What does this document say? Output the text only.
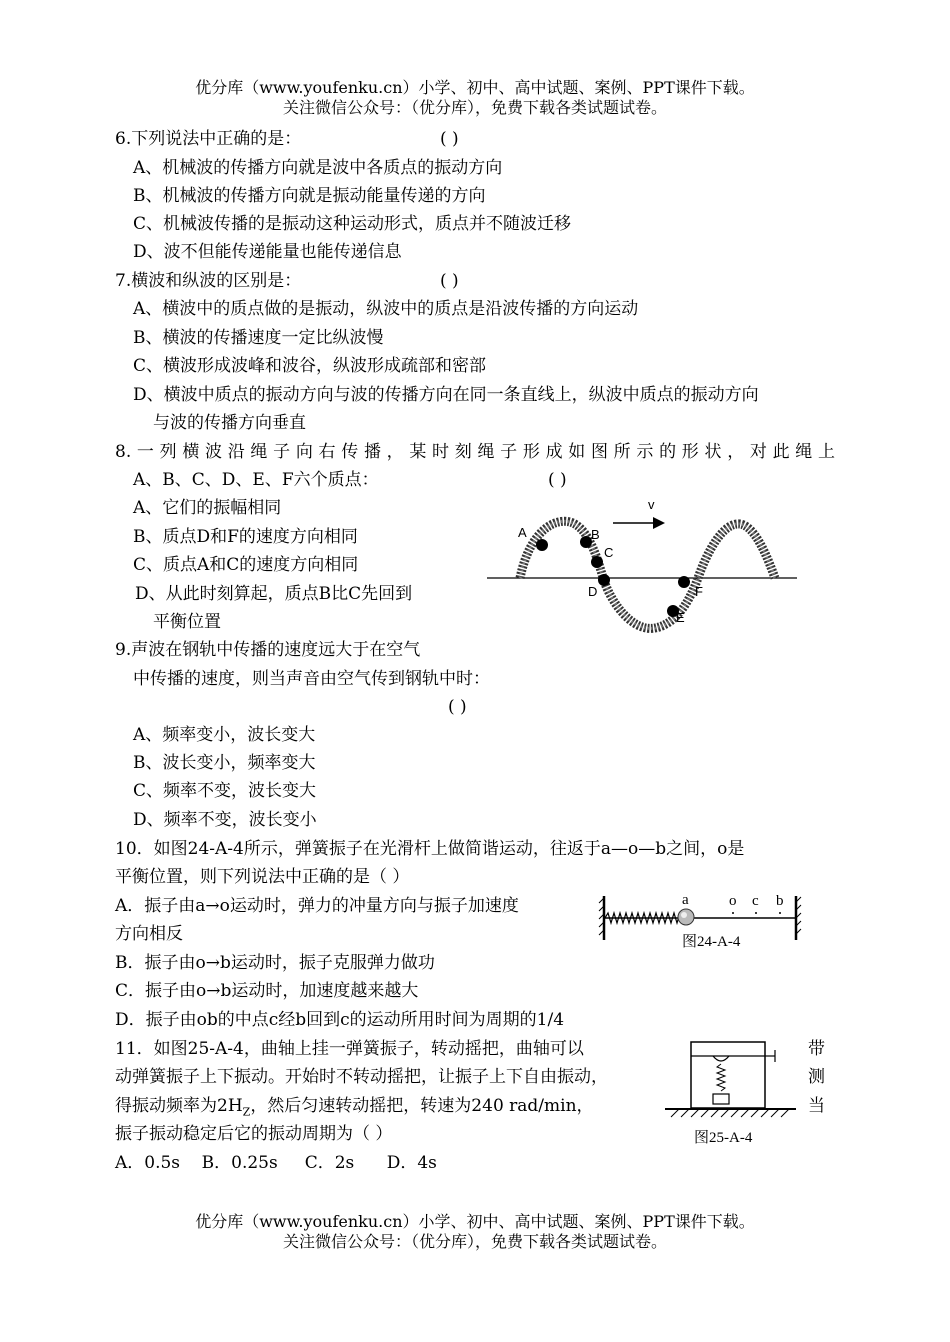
优分库（www.youfenku.cn）小学、初中、高中试题、案例、PPT课件下载。
关注微信公众号：（优分库），免费下载各类试题试卷。
6.下列说法中正确的是：	( )
A、机械波的传播方向就是波中各质点的振动方向
B、机械波的传播方向就是振动能量传递的方向
C、机械波传播的是振动这种运动形式，质点并不随波迁移
D、波不但能传递能量也能传递信息
7.横波和纵波的区别是：	( )
A、横波中的质点做的是振动，纵波中的质点是沿波传播的方向运动
B、横波的传播速度一定比纵波慢
C、横波形成波峰和波谷，纵波形成疏部和密部
D、横波中质点的振动方向与波的传播方向在同一条直线上，纵波中质点的振动方向
与波的传播方向垂直
8.一列横波沿绳子向右传播，某时刻绳子形成如图所示的形状，对此绳上
A、B、C、D、E、F六个质点：	( )
A、它们的振幅相同
B、质点D和F的速度方向相同
C、质点A和C的速度方向相同
D、从此时刻算起，质点B比C先回到
平衡位置
A	B
C
D
E
F
v
9.声波在钢轨中传播的速度远大于在空气
中传播的速度，则当声音由空气传到钢轨中时：
( )
A、频率变小，波长变大
B、波长变小，频率变大
C、频率不变，波长变大
D、频率不变，波长变小
10．如图24-A-4所示，弹簧振子在光滑杆上做简谐运动，往返于a—o—b之间，o是
平衡位置，则下列说法中正确的是（ ）
A．振子由a→o运动时，弹力的冲量方向与振子加速度
方向相反
B．振子由o→b运动时，振子克服弹力做功
C．振子由o→b运动时，加速度越来越大
D．振子由ob的中点c经b回到c的运动所用时间为周期的1/4
a	o c b
图24-A-4
11．如图25-A-4，曲轴上挂一弹簧振子，转动摇把，曲轴可以	带
动弹簧振子上下振动。开始时不转动摇把，让振子上下自由振动，	测
得振动频率为$2H_Z$，然后匀速转动摇把，转速为240 rad/min，	当
振子振动稳定后它的振动周期为（ ）
A．0.5s    B．0.25s     C．2s      D．4s
图25-A-4
优分库（www.youfenku.cn）小学、初中、高中试题、案例、PPT课件下载。
关注微信公众号：（优分库），免费下载各类试题试卷。
